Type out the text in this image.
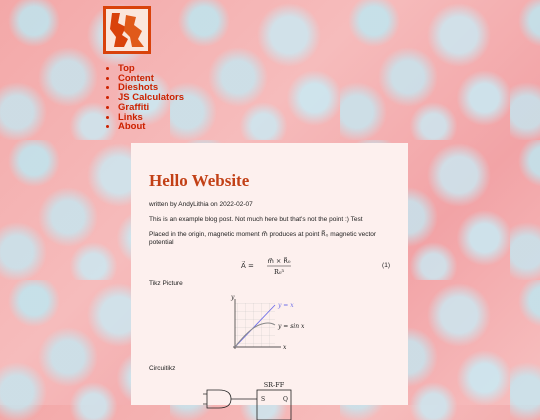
• Top
• Content
• Dieshots
• JS Calculators
• Graffiti
• Links
• About
Hello Website

written by AndyLithia on 2022-02-07

This is an example blog post. Not much here but that's not the point :) Test

Placed in the origin, magnetic moment m⃗ produces at point R⃗₀ magnetic vector potential

A⃗ =
m⃗ × R⃗₀
R₀³
(1)

Tikz Picture

y
x
y = x
y = sin x

Circuitikz

SR-FF
S	Q
